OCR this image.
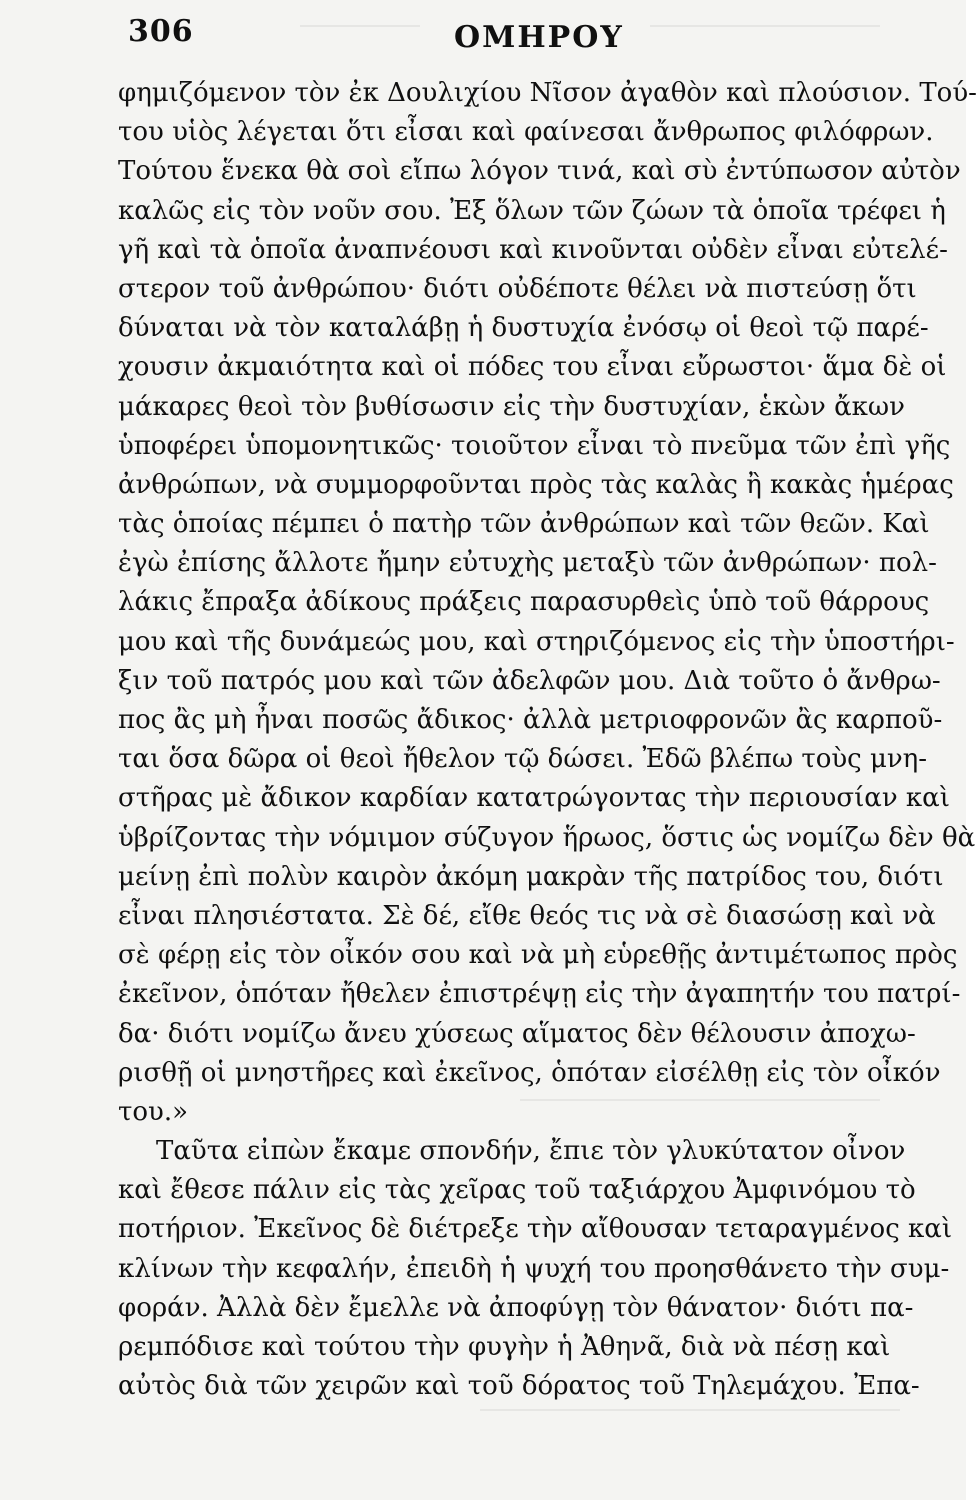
306	ΟΜΗΡΟΥ
φημιζόμενον τὸν ἐκ Δουλιχίου Νῖσον ἀγαθὸν καὶ πλούσιον. Τού-
του υἱὸς λέγεται ὅτι εἶσαι καὶ φαίνεσαι ἄνθρωπος φιλόφρων.
Τούτου ἕνεκα θὰ σοὶ εἴπω λόγον τινά, καὶ σὺ ἐντύπωσον αὐτὸν
καλῶς εἰς τὸν νοῦν σου. Ἐξ ὅλων τῶν ζώων τὰ ὁποῖα τρέφει ἡ
γῆ καὶ τὰ ὁποῖα ἀναπνέουσι καὶ κινοῦνται οὐδὲν εἶναι εὐτελέ-
στερον τοῦ ἀνθρώπου· διότι οὐδέποτε θέλει νὰ πιστεύσῃ ὅτι
δύναται νὰ τὸν καταλάβῃ ἡ δυστυχία ἐνόσῳ οἱ θεοὶ τῷ παρέ-
χουσιν ἀκμαιότητα καὶ οἱ πόδες του εἶναι εὔρωστοι· ἅμα δὲ οἱ
μάκαρες θεοὶ τὸν βυθίσωσιν εἰς τὴν δυστυχίαν, ἑκὼν ἄκων
ὑποφέρει ὑπομονητικῶς· τοιοῦτον εἶναι τὸ πνεῦμα τῶν ἐπὶ γῆς
ἀνθρώπων, νὰ συμμορφοῦνται πρὸς τὰς καλὰς ἢ κακὰς ἡμέρας
τὰς ὁποίας πέμπει ὁ πατὴρ τῶν ἀνθρώπων καὶ τῶν θεῶν. Καὶ
ἐγὼ ἐπίσης ἄλλοτε ἤμην εὐτυχὴς μεταξὺ τῶν ἀνθρώπων· πολ-
λάκις ἔπραξα ἀδίκους πράξεις παρασυρθεὶς ὑπὸ τοῦ θάρρους
μου καὶ τῆς δυνάμεώς μου, καὶ στηριζόμενος εἰς τὴν ὑποστήρι-
ξιν τοῦ πατρός μου καὶ τῶν ἀδελφῶν μου. Διὰ τοῦτο ὁ ἄνθρω-
πος ἂς μὴ ἦναι ποσῶς ἄδικος· ἀλλὰ μετριοφρονῶν ἂς καρποῦ-
ται ὅσα δῶρα οἱ θεοὶ ἤθελον τῷ δώσει. Ἐδῶ βλέπω τοὺς μνη-
στῆρας μὲ ἄδικον καρδίαν κατατρώγοντας τὴν περιουσίαν καὶ
ὑβρίζοντας τὴν νόμιμον σύζυγον ἥρωος, ὅστις ὡς νομίζω δὲν θὰ
μείνῃ ἐπὶ πολὺν καιρὸν ἀκόμη μακρὰν τῆς πατρίδος του, διότι
εἶναι πλησιέστατα. Σὲ δέ, εἴθε θεός τις νὰ σὲ διασώσῃ καὶ νὰ
σὲ φέρῃ εἰς τὸν οἶκόν σου καὶ νὰ μὴ εὑρεθῇς ἀντιμέτωπος πρὸς
ἐκεῖνον, ὁπόταν ἤθελεν ἐπιστρέψῃ εἰς τὴν ἀγαπητήν του πατρί-
δα· διότι νομίζω ἄνευ χύσεως αἵματος δὲν θέλουσιν ἀποχω-
ρισθῇ οἱ μνηστῆρες καὶ ἐκεῖνος, ὁπόταν εἰσέλθῃ εἰς τὸν οἶκόν
του.»
Ταῦτα εἰπὼν ἔκαμε σπονδήν, ἔπιε τὸν γλυκύτατον οἶνον
καὶ ἔθεσε πάλιν εἰς τὰς χεῖρας τοῦ ταξιάρχου Ἀμφινόμου τὸ
ποτήριον. Ἐκεῖνος δὲ διέτρεξε τὴν αἴθουσαν τεταραγμένος καὶ
κλίνων τὴν κεφαλήν, ἐπειδὴ ἡ ψυχή του προησθάνετο τὴν συμ-
φοράν. Ἀλλὰ δὲν ἔμελλε νὰ ἀποφύγῃ τὸν θάνατον· διότι πα-
ρεμπόδισε καὶ τούτου τὴν φυγὴν ἡ Ἀθηνᾶ, διὰ νὰ πέσῃ καὶ
αὐτὸς διὰ τῶν χειρῶν καὶ τοῦ δόρατος τοῦ Τηλεμάχου. Ἐπα-
